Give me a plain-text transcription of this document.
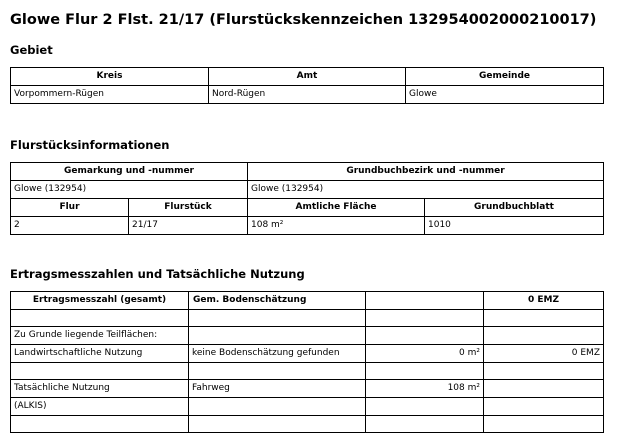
Glowe Flur 2 Flst. 21/17 (Flurstückskennzeichen 132954002000210017)
Gebiet
Kreis	Amt	Gemeinde
Vorpommern-Rügen	Nord-Rügen	Glowe
Flurstücksinformationen
Gemarkung und -nummer		Grundbuchbezirk und -nummer	
Glowe (132954)		Glowe (132954)	
Flur	Flurstück	Amtliche Fläche	Grundbuchblatt
2	21/17	108 m²	1010
Ertragsmesszahlen und Tatsächliche Nutzung
Ertragsmesszahl (gesamt)	Gem. Bodenschätzung		0 EMZ

Zu Grunde liegende Teilflächen:			
Landwirtschaftliche Nutzung	keine Bodenschätzung gefunden	0 m²	0 EMZ

Tatsächliche Nutzung	Fahrweg	108 m²	
(ALKIS)			
